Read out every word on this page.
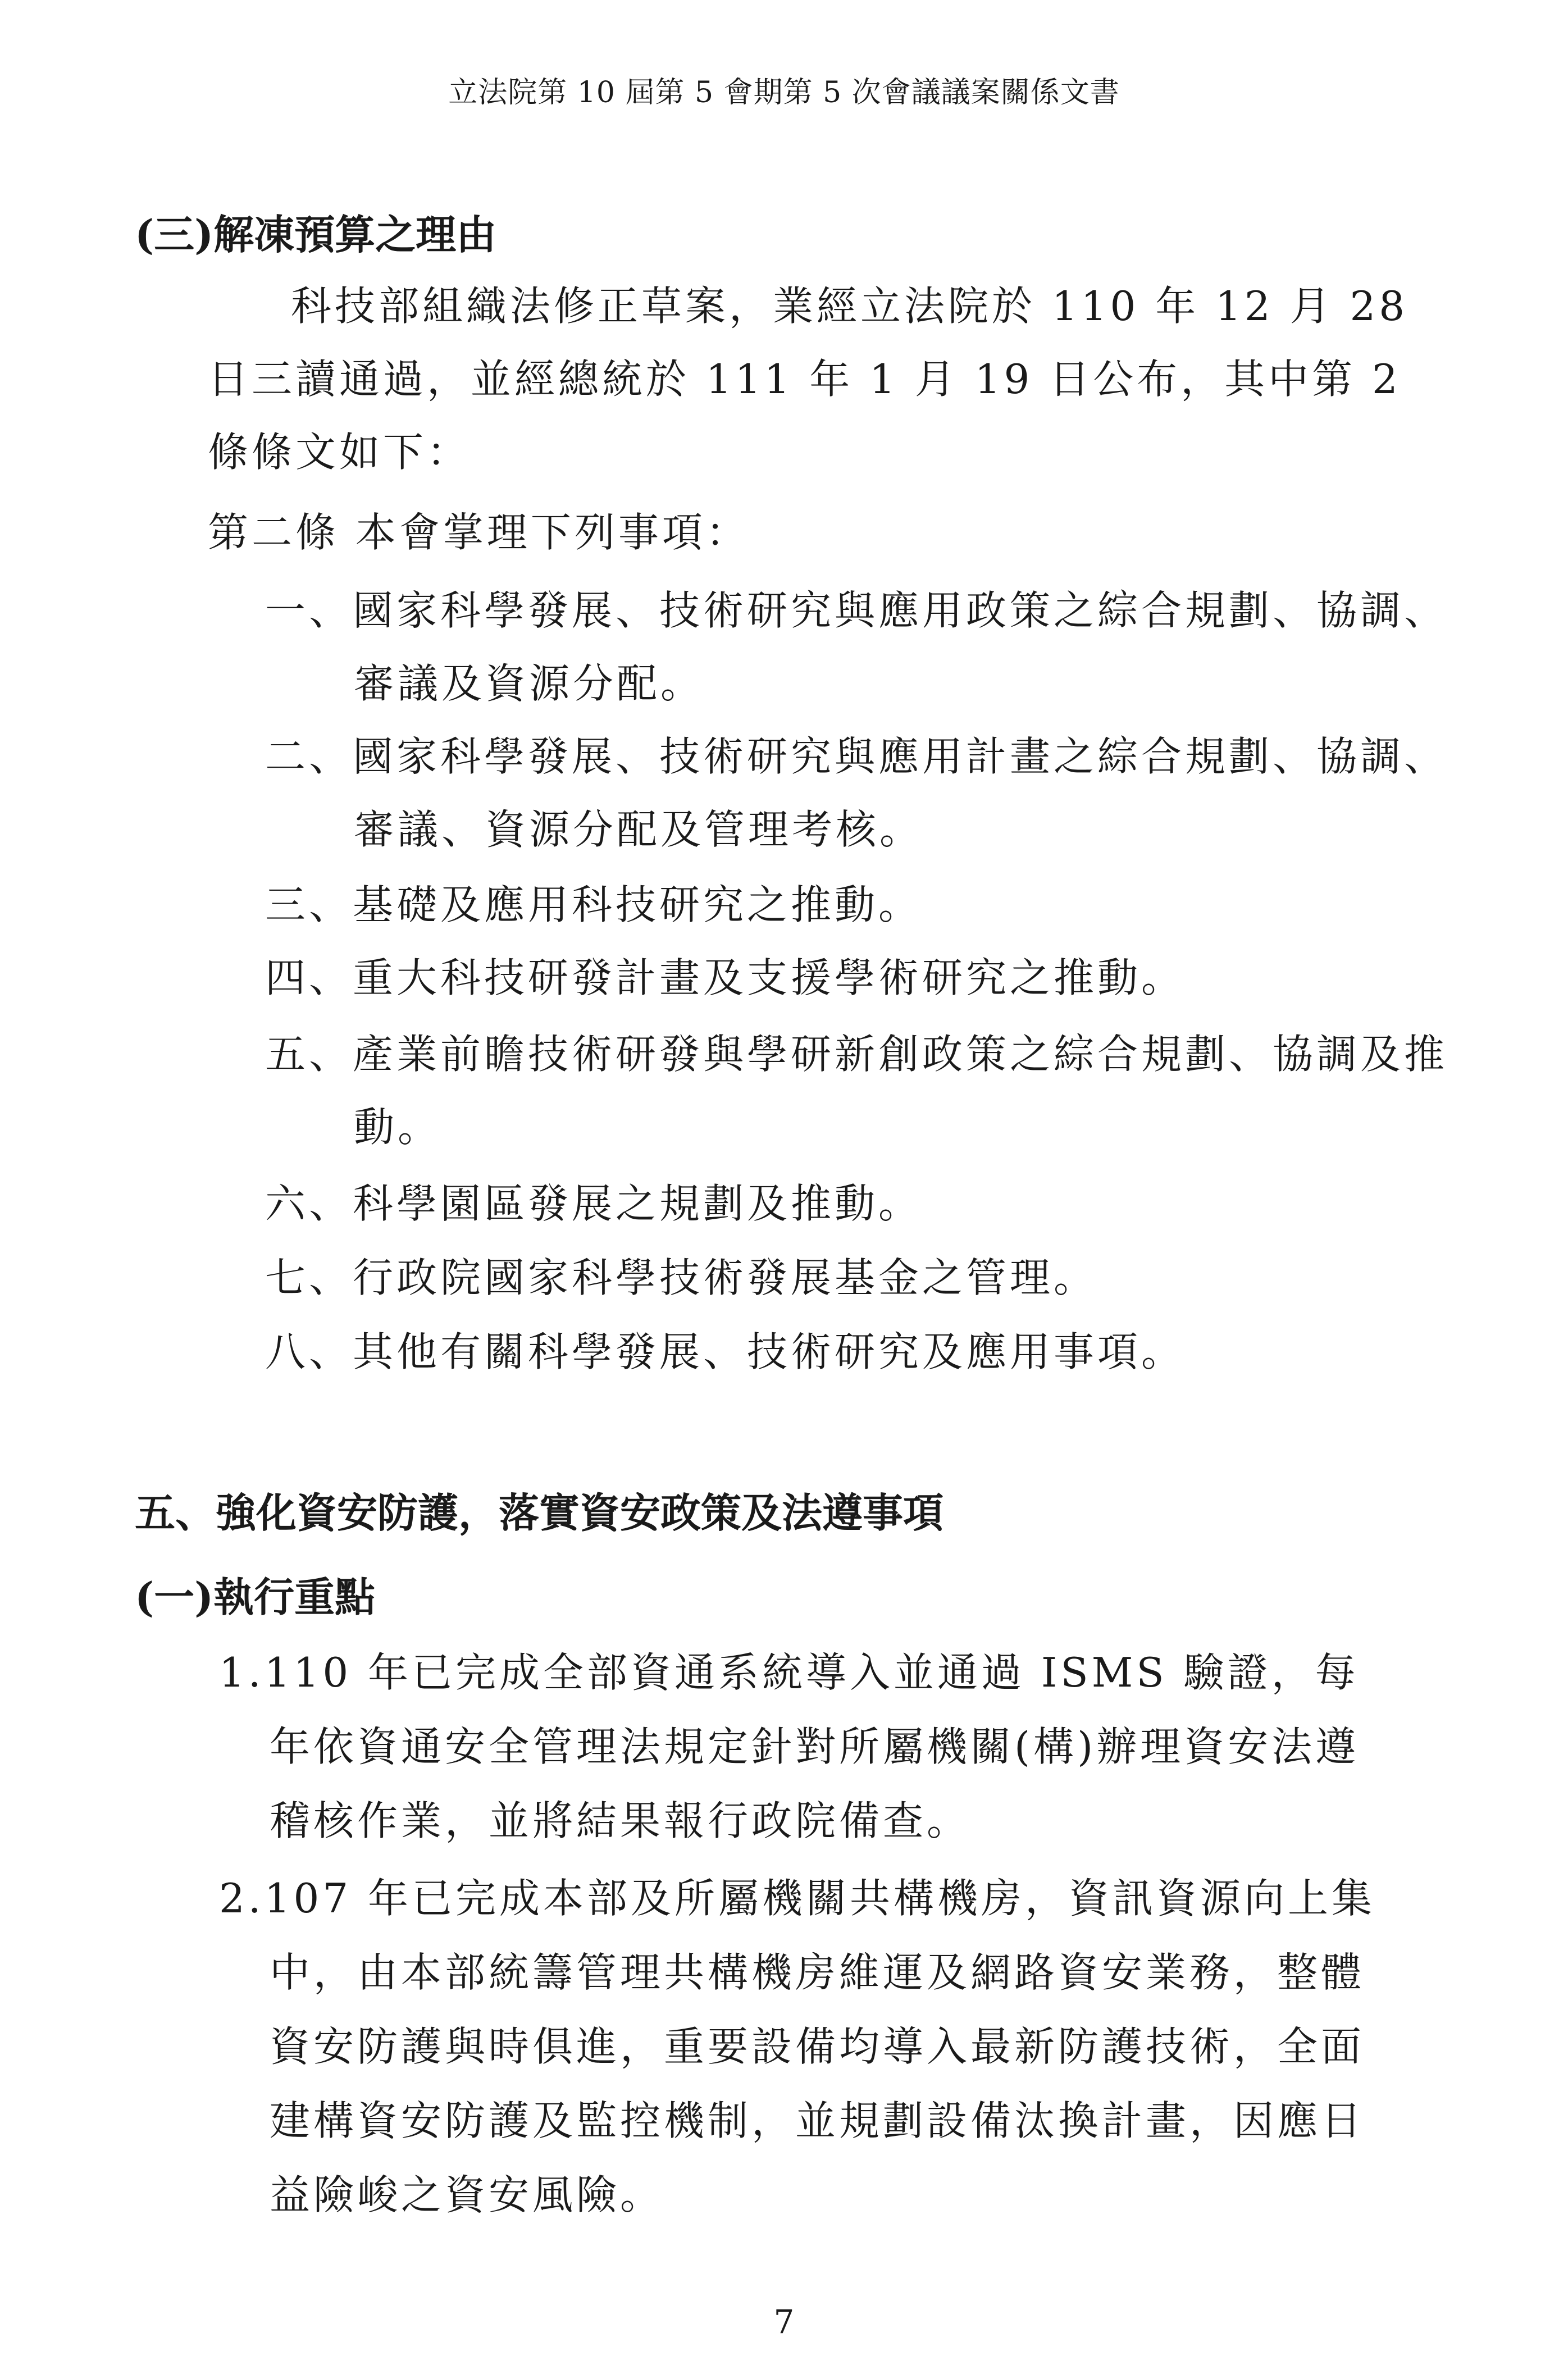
立法院第 10 屆第 5 會期第 5 次會議議案關係文書
(三)解凍預算之理由
科技部組織法修正草案，業經立法院於 110 年 12 月 28 日三讀通過，並經總統於 111 年 1 月 19 日公布，其中第 2 條條文如下：
第二條 本會掌理下列事項：
一、國家科學發展、技術研究與應用政策之綜合規劃、協調、審議及資源分配。
二、國家科學發展、技術研究與應用計畫之綜合規劃、協調、審議、資源分配及管理考核。
三、基礎及應用科技研究之推動。
四、重大科技研發計畫及支援學術研究之推動。
五、產業前瞻技術研發與學研新創政策之綜合規劃、協調及推動。
六、科學園區發展之規劃及推動。
七、行政院國家科學技術發展基金之管理。
八、其他有關科學發展、技術研究及應用事項。
五、強化資安防護，落實資安政策及法遵事項
(一)執行重點
1.110 年已完成全部資通系統導入並通過 ISMS 驗證，每年依資通安全管理法規定針對所屬機關(構)辦理資安法遵稽核作業，並將結果報行政院備查。
2.107 年已完成本部及所屬機關共構機房，資訊資源向上集中，由本部統籌管理共構機房維運及網路資安業務，整體資安防護與時俱進，重要設備均導入最新防護技術，全面建構資安防護及監控機制，並規劃設備汰換計畫，因應日益險峻之資安風險。
7
